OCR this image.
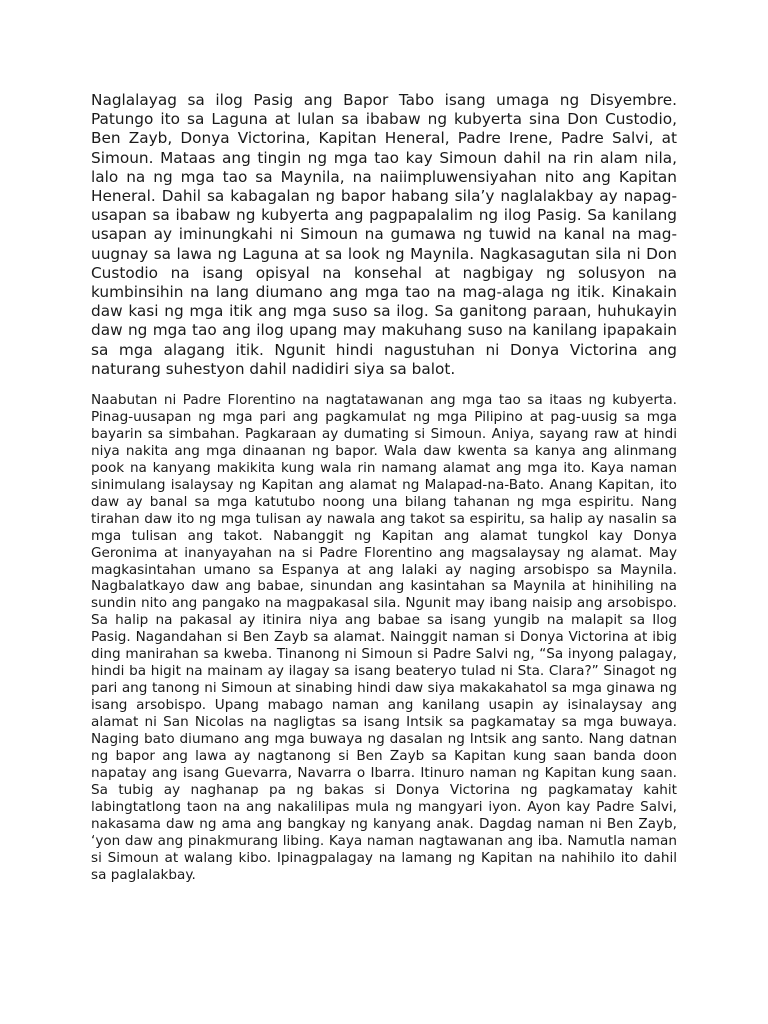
Naglalayag sa ilog Pasig ang Bapor Tabo isang umaga ng Disyembre. Patungo ito sa Laguna at lulan sa ibabaw ng kubyerta sina Don Custodio, Ben Zayb, Donya Victorina, Kapitan Heneral, Padre Irene, Padre Salvi, at Simoun. Mataas ang tingin ng mga tao kay Simoun dahil na rin alam nila, lalo na ng mga tao sa Maynila, na naiimpluwensiyahan nito ang Kapitan Heneral. Dahil sa kabagalan ng bapor habang sila’y naglalakbay ay napag-usapan sa ibabaw ng kubyerta ang pagpapalalim ng ilog Pasig. Sa kanilang usapan ay iminungkahi ni Simoun na gumawa ng tuwid na kanal na mag-uugnay sa lawa ng Laguna at sa look ng Maynila. Nagkasagutan sila ni Don Custodio na isang opisyal na konsehal at nagbigay ng solusyon na kumbinsihin na lang diumano ang mga tao na mag-alaga ng itik. Kinakain daw kasi ng mga itik ang mga suso sa ilog. Sa ganitong paraan, huhukayin daw ng mga tao ang ilog upang may makuhang suso na kanilang ipapakain sa mga alagang itik. Ngunit hindi nagustuhan ni Donya Victorina ang naturang suhestyon dahil nadidiri siya sa balot.

Naabutan ni Padre Florentino na nagtatawanan ang mga tao sa itaas ng kubyerta. Pinag-uusapan ng mga pari ang pagkamulat ng mga Pilipino at pag-uusig sa mga bayarin sa simbahan. Pagkaraan ay dumating si Simoun. Aniya, sayang raw at hindi niya nakita ang mga dinaanan ng bapor. Wala daw kwenta sa kanya ang alinmang pook na kanyang makikita kung wala rin namang alamat ang mga ito. Kaya naman sinimulang isalaysay ng Kapitan ang alamat ng Malapad-na-Bato. Anang Kapitan, ito daw ay banal sa mga katutubo noong una bilang tahanan ng mga espiritu. Nang tirahan daw ito ng mga tulisan ay nawala ang takot sa espiritu, sa halip ay nasalin sa mga tulisan ang takot. Nabanggit ng Kapitan ang alamat tungkol kay Donya Geronima at inanyayahan na si Padre Florentino ang magsalaysay ng alamat. May magkasintahan umano sa Espanya at ang lalaki ay naging arsobispo sa Maynila. Nagbalatkayo daw ang babae, sinundan ang kasintahan sa Maynila at hinihiling na sundin nito ang pangako na magpakasal sila. Ngunit may ibang naisip ang arsobispo. Sa halip na pakasal ay itinira niya ang babae sa isang yungib na malapit sa Ilog Pasig. Nagandahan si Ben Zayb sa alamat. Nainggit naman si Donya Victorina at ibig ding manirahan sa kweba. Tinanong ni Simoun si Padre Salvi ng, “Sa inyong palagay, hindi ba higit na mainam ay ilagay sa isang beateryo tulad ni Sta. Clara?” Sinagot ng pari ang tanong ni Simoun at sinabing hindi daw siya makakahatol sa mga ginawa ng isang arsobispo. Upang mabago naman ang kanilang usapin ay isinalaysay ang alamat ni San Nicolas na nagligtas sa isang Intsik sa pagkamatay sa mga buwaya. Naging bato diumano ang mga buwaya ng dasalan ng Intsik ang santo. Nang datnan ng bapor ang lawa ay nagtanong si Ben Zayb sa Kapitan kung saan banda doon napatay ang isang Guevarra, Navarra o Ibarra. Itinuro naman ng Kapitan kung saan. Sa tubig ay naghanap pa ng bakas si Donya Victorina ng pagkamatay kahit labingtatlong taon na ang nakalilipas mula ng mangyari iyon. Ayon kay Padre Salvi, nakasama daw ng ama ang bangkay ng kanyang anak. Dagdag naman ni Ben Zayb, ‘yon daw ang pinakmurang libing. Kaya naman nagtawanan ang iba. Namutla naman si Simoun at walang kibo. Ipinagpalagay na lamang ng Kapitan na nahihilo ito dahil sa paglalakbay.
